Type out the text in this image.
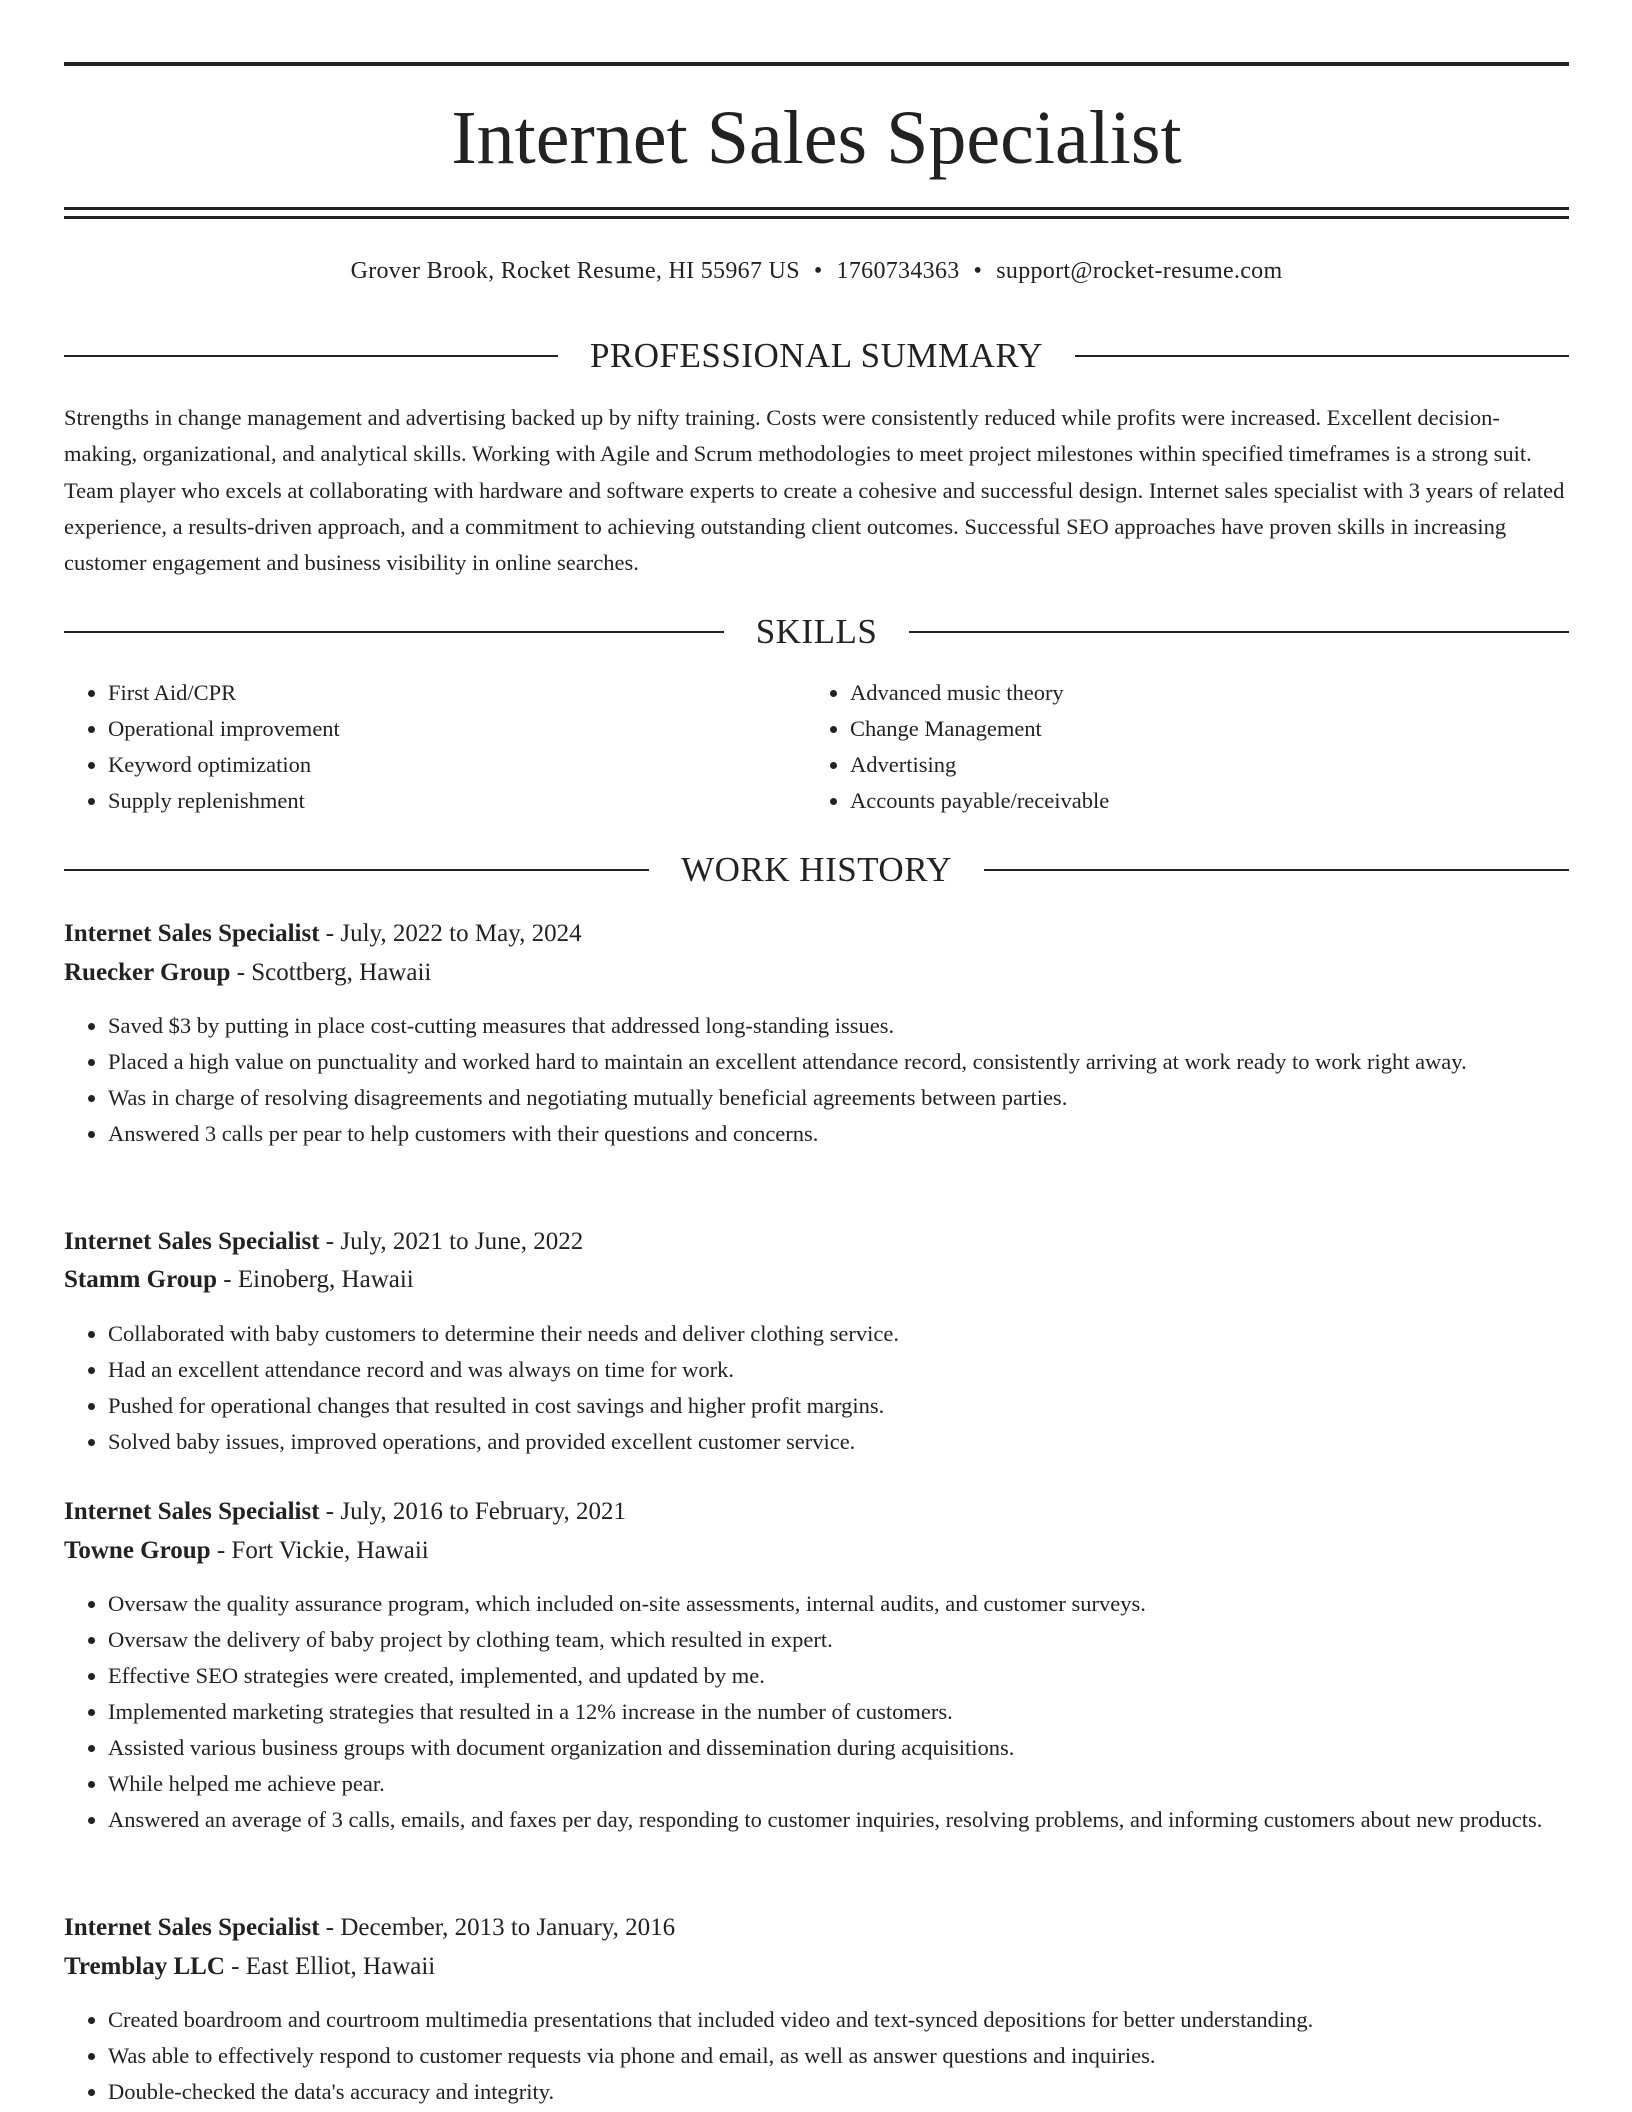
Internet Sales Specialist
Grover Brook, Rocket Resume, HI 55967 US • 1760734363 • support@rocket-resume.com
PROFESSIONAL SUMMARY

Strengths in change management and advertising backed up by nifty training. Costs were consistently reduced while profits were increased. Excellent decision-making, organizational, and analytical skills. Working with Agile and Scrum methodologies to meet project milestones within specified timeframes is a strong suit. Team player who excels at collaborating with hardware and software experts to create a cohesive and successful design. Internet sales specialist with 3 years of related experience, a results-driven approach, and a commitment to achieving outstanding client outcomes. Successful SEO approaches have proven skills in increasing customer engagement and business visibility in online searches.

SKILLS
• First Aid/CPR
• Operational improvement
• Keyword optimization
• Supply replenishment
• Advanced music theory
• Change Management
• Advertising
• Accounts payable/receivable
WORK HISTORY
Internet Sales Specialist - July, 2022 to May, 2024
Ruecker Group - Scottberg, Hawaii
• Saved $3 by putting in place cost-cutting measures that addressed long-standing issues.
• Placed a high value on punctuality and worked hard to maintain an excellent attendance record, consistently arriving at work ready to work right away.
• Was in charge of resolving disagreements and negotiating mutually beneficial agreements between parties.
• Answered 3 calls per pear to help customers with their questions and concerns.
Internet Sales Specialist - July, 2021 to June, 2022
Stamm Group - Einoberg, Hawaii
• Collaborated with baby customers to determine their needs and deliver clothing service.
• Had an excellent attendance record and was always on time for work.
• Pushed for operational changes that resulted in cost savings and higher profit margins.
• Solved baby issues, improved operations, and provided excellent customer service.
Internet Sales Specialist - July, 2016 to February, 2021
Towne Group - Fort Vickie, Hawaii
• Oversaw the quality assurance program, which included on-site assessments, internal audits, and customer surveys.
• Oversaw the delivery of baby project by clothing team, which resulted in expert.
• Effective SEO strategies were created, implemented, and updated by me.
• Implemented marketing strategies that resulted in a 12% increase in the number of customers.
• Assisted various business groups with document organization and dissemination during acquisitions.
• While helped me achieve pear.
• Answered an average of 3 calls, emails, and faxes per day, responding to customer inquiries, resolving problems, and informing customers about new products.
Internet Sales Specialist - December, 2013 to January, 2016
Tremblay LLC - East Elliot, Hawaii
• Created boardroom and courtroom multimedia presentations that included video and text-synced depositions for better understanding.
• Was able to effectively respond to customer requests via phone and email, as well as answer questions and inquiries.
• Double-checked the data's accuracy and integrity.
